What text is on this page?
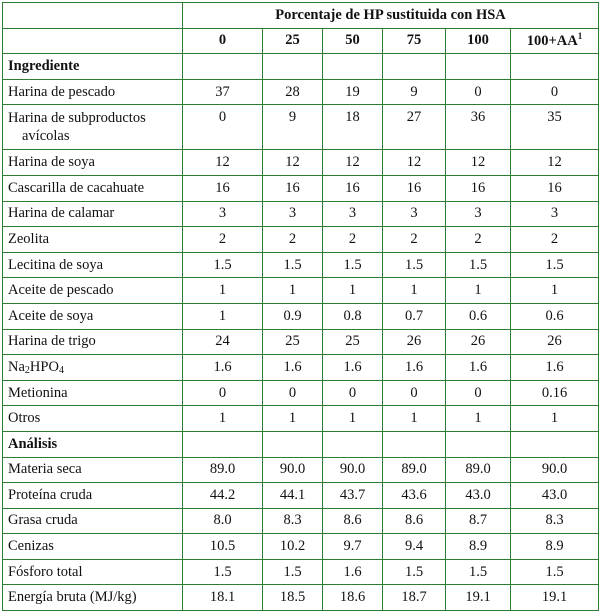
	Porcentaje de HP sustituida con HSA					
	0	25	50	75	100	$100+AA^1$
Ingrediente						
Harina de pescado	37	28	19	9	0	0
Harina de subproductos
avícolas	0	9	18	27	36	35
Harina de soya	12	12	12	12	12	12
Cascarilla de cacahuate	16	16	16	16	16	16
Harina de calamar	3	3	3	3	3	3
Zeolita	2	2	2	2	2	2
Lecitina de soya	1.5	1.5	1.5	1.5	1.5	1.5
Aceite de pescado	1	1	1	1	1	1
Aceite de soya	1	0.9	0.8	0.7	0.6	0.6
Harina de trigo	24	25	25	26	26	26
$Na_2HPO_4$	1.6	1.6	1.6	1.6	1.6	1.6
Metionina	0	0	0	0	0	0.16
Otros	1	1	1	1	1	1
Análisis						
Materia seca	89.0	90.0	90.0	89.0	89.0	90.0
Proteína cruda	44.2	44.1	43.7	43.6	43.0	43.0
Grasa cruda	8.0	8.3	8.6	8.6	8.7	8.3
Cenizas	10.5	10.2	9.7	9.4	8.9	8.9
Fósforo total	1.5	1.5	1.6	1.5	1.5	1.5
Energía bruta (MJ/kg)	18.1	18.5	18.6	18.7	19.1	19.1
